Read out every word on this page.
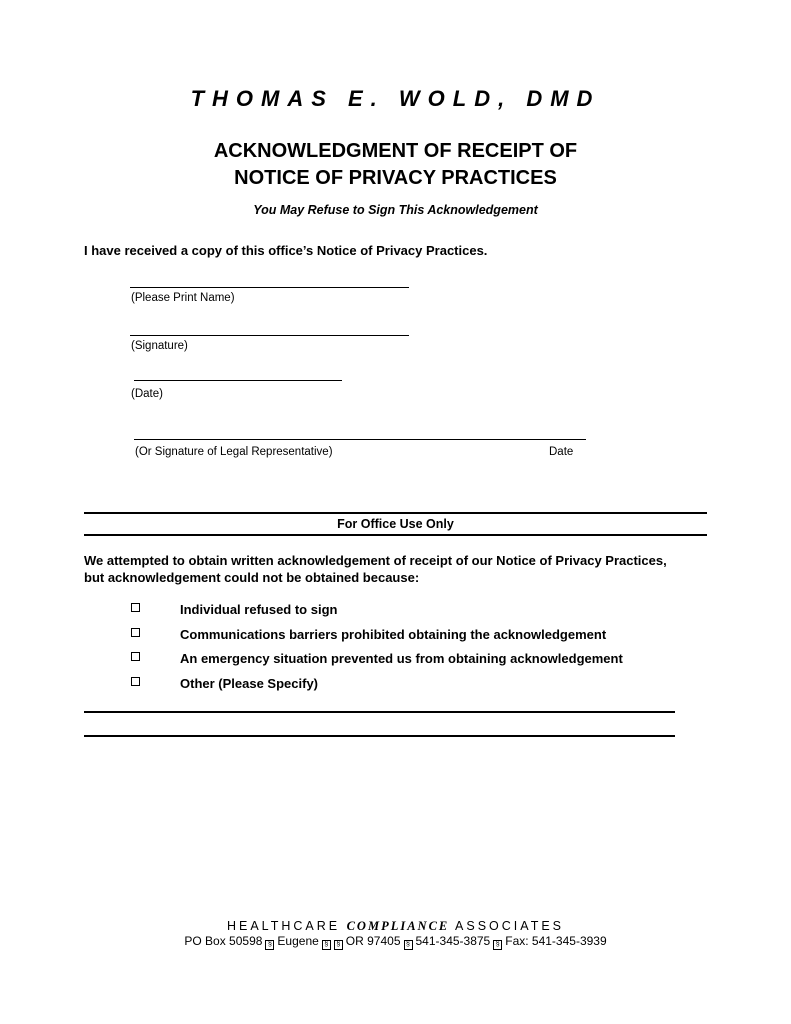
THOMAS E. WOLD, DMD
ACKNOWLEDGMENT OF RECEIPT OF
NOTICE OF PRIVACY PRACTICES
You May Refuse to Sign This Acknowledgement
I have received a copy of this office’s Notice of Privacy Practices.
(Please Print Name)
(Signature)
(Date)
(Or Signature of Legal Representative)	Date
For Office Use Only
We attempted to obtain written acknowledgement of receipt of our Notice of Privacy Practices, but acknowledgement could not be obtained because:
Individual refused to sign
Communications barriers prohibited obtaining the acknowledgement
An emergency situation prevented us from obtaining acknowledgement
Other (Please Specify)
HEALTHCARE COMPLIANCE ASSOCIATES
PO Box 50598 § Eugene § § OR 97405 § 541-345-3875 § Fax: 541-345-3939
